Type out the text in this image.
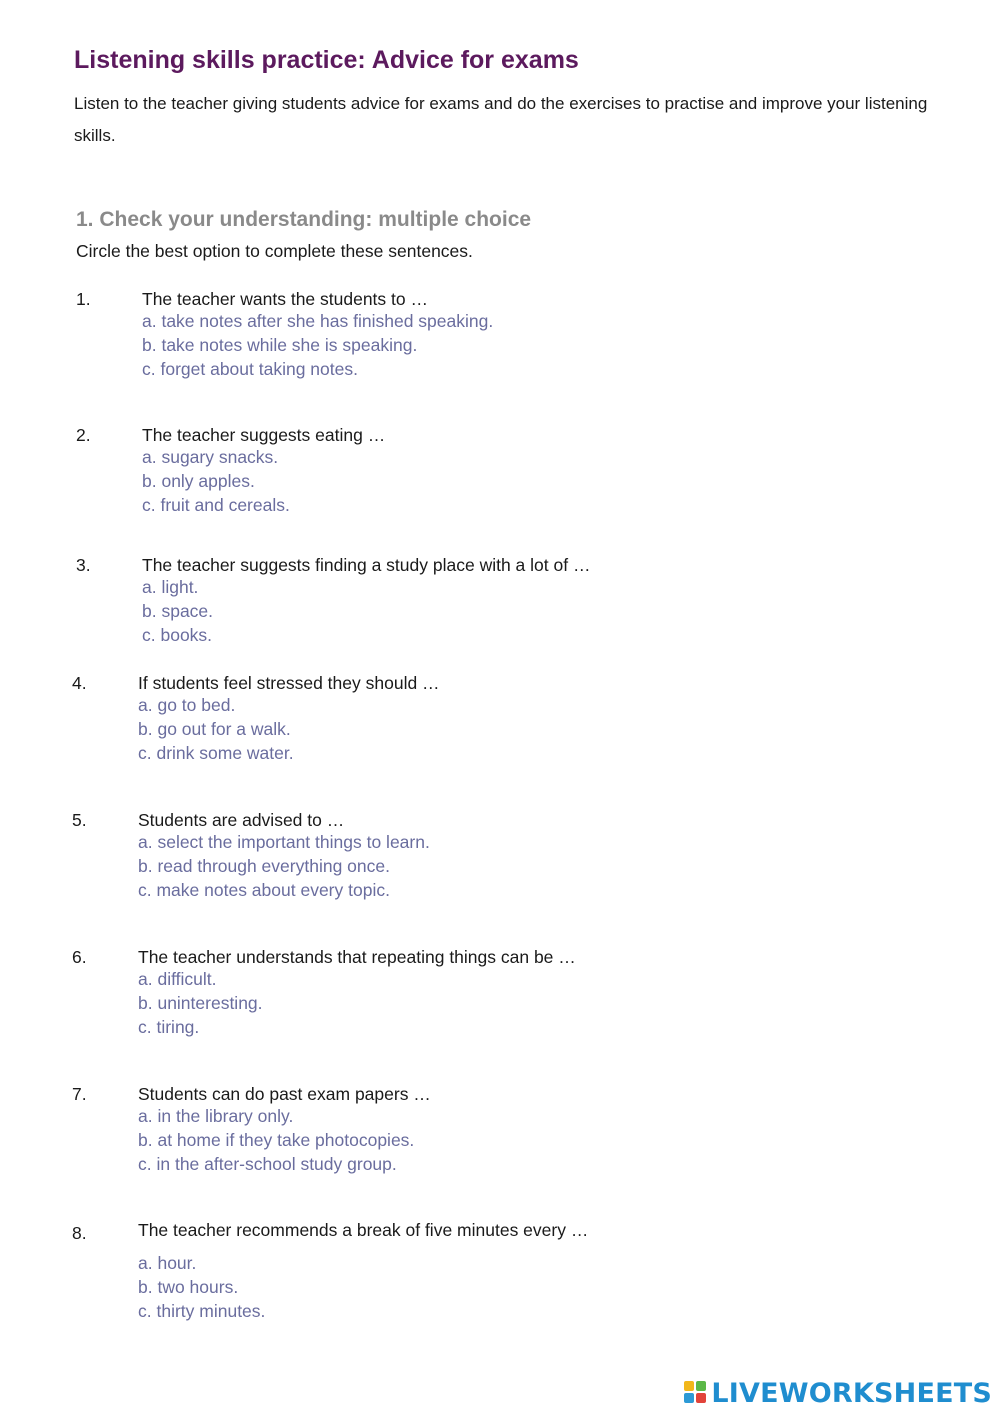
Listening skills practice: Advice for exams

Listen to the teacher giving students advice for exams and do the exercises to practise and improve your listening skills.

1. Check your understanding: multiple choice

Circle the best option to complete these sentences.

1.	The teacher wants the students to …
a. take notes after she has finished speaking.
b. take notes while she is speaking.
c. forget about taking notes.
2.	The teacher suggests eating …
a. sugary snacks.
b. only apples.
c. fruit and cereals.
3.	The teacher suggests finding a study place with a lot of …
a. light.
b. space.
c. books.
4.	If students feel stressed they should …
a. go to bed.
b. go out for a walk.
c. drink some water.
5.	Students are advised to …
a. select the important things to learn.
b. read through everything once.
c. make notes about every topic.
6.	The teacher understands that repeating things can be …
a. difficult.
b. uninteresting.
c. tiring.
7.	Students can do past exam papers …
a. in the library only.
b. at home if they take photocopies.
c. in the after-school study group.
8.	The teacher recommends a break of five minutes every …
a. hour.
b. two hours.
c. thirty minutes.
LIVEWORKSHEETS
